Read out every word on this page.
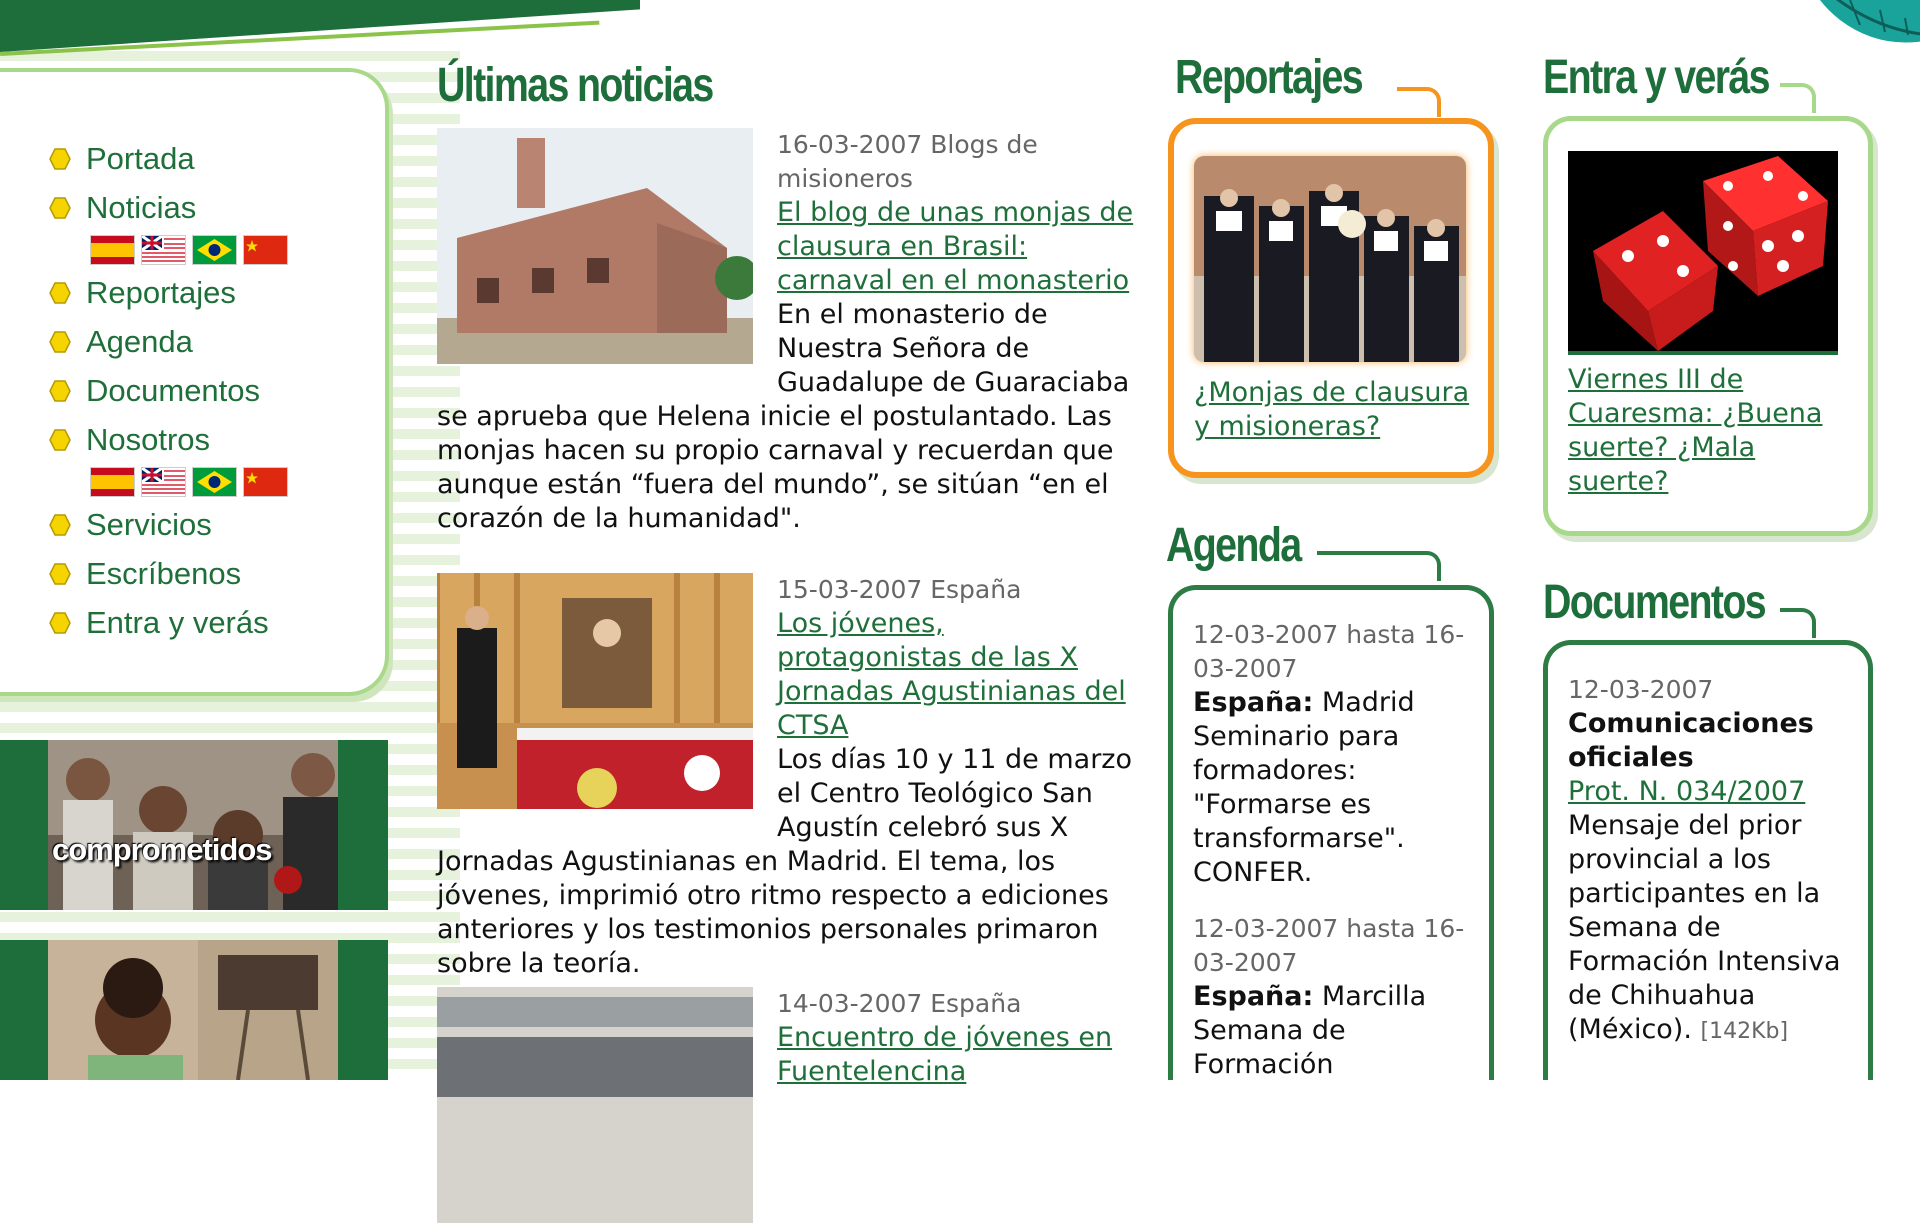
Portada
Noticias
Reportajes
Agenda
Documentos
Nosotros
Servicios
Escríbenos
Entra y verás
comprometidos
Últimas noticias
16-03-2007 Blogs de misioneros
El blog de unas monjas de clausura en Brasil: carnaval en el monasterio

En el monasterio de Nuestra Señora de Guadalupe de Guaraciaba se aprueba que Helena inicie el postulantado. Las monjas hacen su propio carnaval y recuerdan que aunque están “fuera del mundo”, se sitúan “en el corazón de la humanidad".

15-03-2007 España
Los jóvenes, protagonistas de las X Jornadas Agustinianas del CTSA

Los días 10 y 11 de marzo el Centro Teológico San Agustín celebró sus X Jornadas Agustinianas en Madrid. El tema, los jóvenes, imprimió otro ritmo respecto a ediciones anteriores y los testimonios personales primaron sobre la teoría.

14-03-2007 España
Encuentro de jóvenes en Fuentelencina
Reportajes
¿Monjas de clausura y misioneras?
Entra y verás
Viernes III de Cuaresma: ¿Buena suerte? ¿Mala suerte?
Agenda
12-03-2007 hasta 16-03-2007
España: Madrid Seminario para formadores: "Formarse es transformarse". CONFER.
12-03-2007 hasta 16-03-2007
España: Marcilla Semana de Formación
Documentos
12-03-2007
Comunicaciones oficiales
Prot. N. 034/2007
Mensaje del prior provincial a los participantes en la Semana de Formación Intensiva de Chihuahua (México). [142Kb]
